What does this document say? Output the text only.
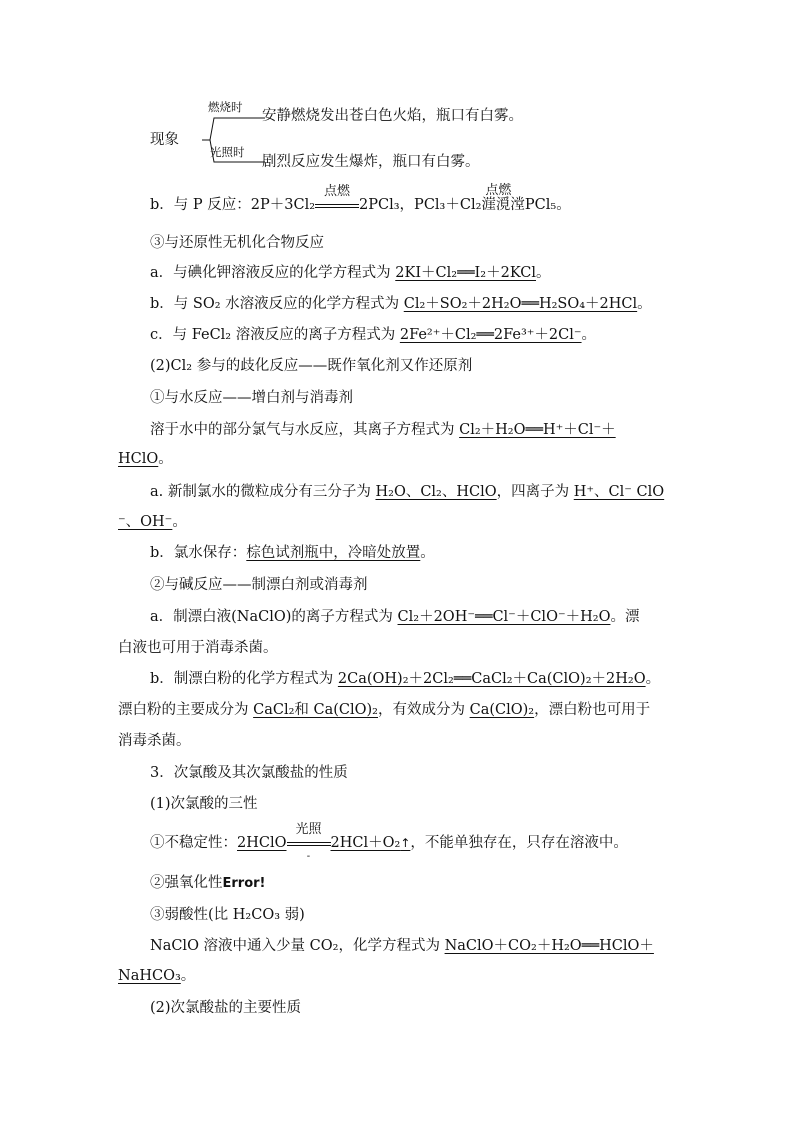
现象
燃烧时
安静燃烧发出苍白色火焰，瓶口有白雾。
光照时
剧烈反应发生爆炸，瓶口有白雾。
b．与 P 反应：2P＋3Cl₂
点燃
2PCl₃，PCl₃＋Cl₂
点燃
漄漞漟PCl₅。
③与还原性无机化合物反应
a．与碘化钾溶液反应的化学方程式为 2KI＋Cl₂══I₂＋2KCl。
b．与 SO₂ 水溶液反应的化学方程式为 Cl₂＋SO₂＋2H₂O══H₂SO₄＋2HCl。
c．与 FeCl₂ 溶液反应的离子方程式为 2Fe²⁺＋Cl₂══2Fe³⁺＋2Cl⁻。
(2)Cl₂ 参与的歧化反应——既作氧化剂又作还原剂
①与水反应——增白剂与消毒剂
溶于水中的部分氯气与水反应，其离子方程式为 Cl₂＋H₂O══H⁺＋Cl⁻＋
HClO。
a. 新制氯水的微粒成分有三分子为 H₂O、Cl₂、HClO，四离子为 H⁺、Cl⁻ ClO
⁻、OH⁻。
b．氯水保存：棕色试剂瓶中，冷暗处放置。
②与碱反应——制漂白剂或消毒剂
a．制漂白液(NaClO)的离子方程式为 Cl₂＋2OH⁻══Cl⁻＋ClO⁻＋H₂O。漂
白液也可用于消毒杀菌。
b．制漂白粉的化学方程式为 2Ca(OH)₂＋2Cl₂══CaCl₂＋Ca(ClO)₂＋2H₂O。
漂白粉的主要成分为 CaCl₂和 Ca(ClO)₂，有效成分为 Ca(ClO)₂，漂白粉也可用于
消毒杀菌。
3．次氯酸及其次氯酸盐的性质
(1)次氯酸的三性
①不稳定性：2HClO
光照
-
2HCl＋O₂↑，不能单独存在，只存在溶液中。
②强氧化性Error!
③弱酸性(比 H₂CO₃ 弱)
NaClO 溶液中通入少量 CO₂，化学方程式为 NaClO＋CO₂＋H₂O══HClO＋
NaHCO₃。
(2)次氯酸盐的主要性质
